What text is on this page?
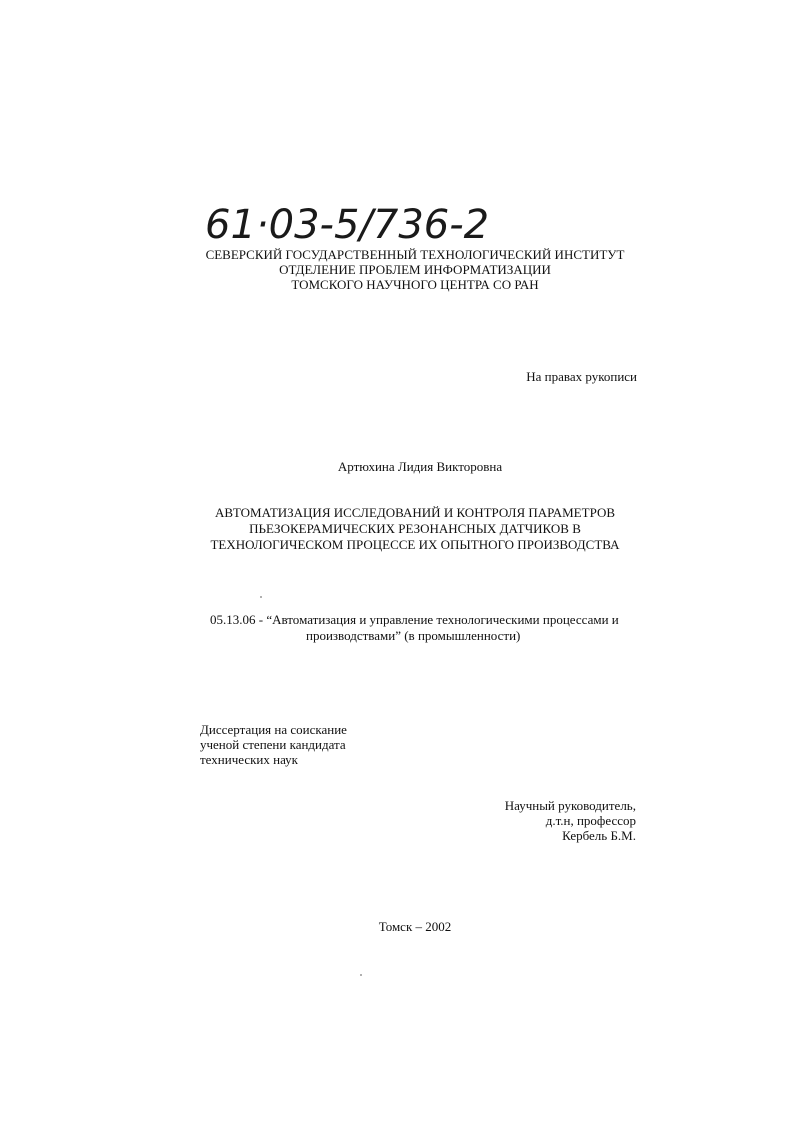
61·03-5/736-2
СЕВЕРСКИЙ ГОСУДАРСТВЕННЫЙ ТЕХНОЛОГИЧЕСКИЙ ИНСТИТУТ
ОТДЕЛЕНИЕ ПРОБЛЕМ ИНФОРМАТИЗАЦИИ
ТОМСКОГО НАУЧНОГО ЦЕНТРА СО РАН
На правах рукописи
Артюхина Лидия Викторовна
АВТОМАТИЗАЦИЯ ИССЛЕДОВАНИЙ И КОНТРОЛЯ ПАРАМЕТРОВ
ПЬЕЗОКЕРАМИЧЕСКИХ РЕЗОНАНСНЫХ ДАТЧИКОВ В
ТЕХНОЛОГИЧЕСКОМ ПРОЦЕССЕ ИХ ОПЫТНОГО ПРОИЗВОДСТВА
05.13.06 - “Автоматизация и управление технологическими процессами и
производствами” (в промышленности)
Диссертация на соискание
ученой степени кандидата
технических наук
Научный руководитель,
д.т.н, профессор
Кербель Б.М.
Томск – 2002
